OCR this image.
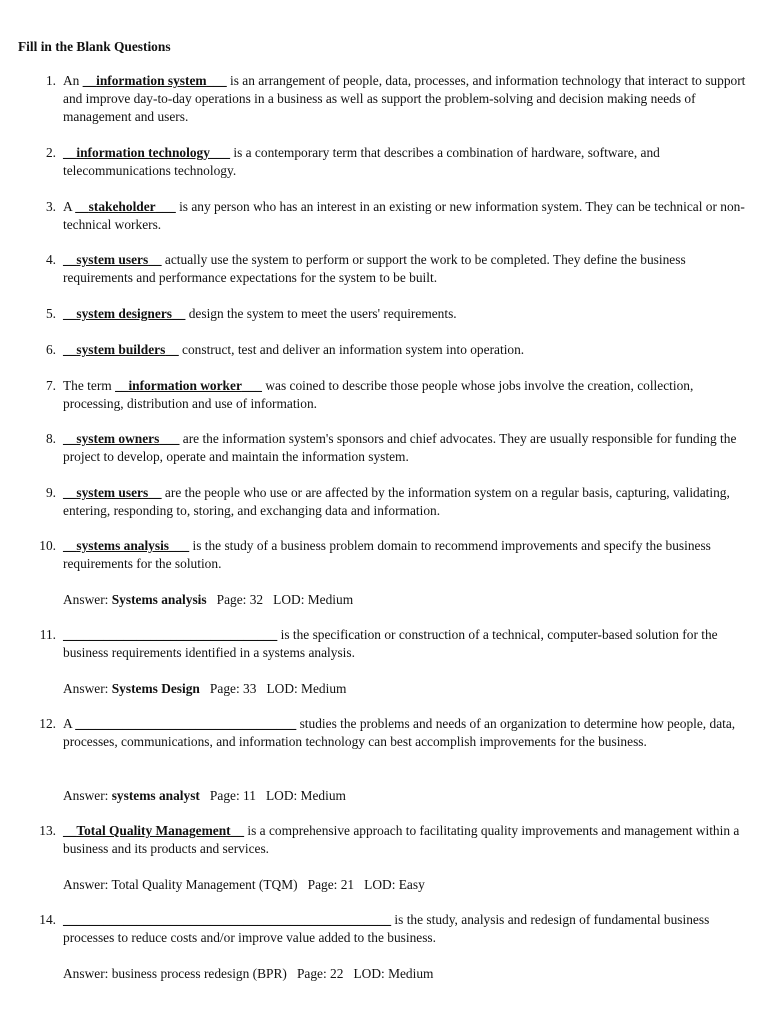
Fill in the Blank Questions
1. An __information system___ is an arrangement of people, data, processes, and information technology that interact to support and improve day-to-day operations in a business as well as support the problem-solving and decision making needs of management and users.

2. __information technology___ is a contemporary term that describes a combination of hardware, software, and telecommunications technology.

3. A __stakeholder___ is any person who has an interest in an existing or new information system. They can be technical or non-technical workers.

4. __system users__ actually use the system to perform or support the work to be completed. They define the business requirements and performance expectations for the system to be built.

5. __system designers__ design the system to meet the users' requirements.

6. __system builders__ construct, test and deliver an information system into operation.

7. The term __information worker___ was coined to describe those people whose jobs involve the creation, collection, processing, distribution and use of information.

8. __system owners___ are the information system's sponsors and chief advocates. They are usually responsible for funding the project to develop, operate and maintain the information system.

9. __system users__ are the people who use or are affected by the information system on a regular basis, capturing, validating, entering, responding to, storing, and exchanging data and information.

10. __systems analysis___ is the study of a business problem domain to recommend improvements and specify the business requirements for the solution.

Answer: Systems analysis   Page: 32   LOD: Medium
11. ________________________________ is the specification or construction of a technical, computer-based solution for the business requirements identified in a systems analysis.

Answer: Systems Design   Page: 33   LOD: Medium
12. A _________________________________ studies the problems and needs of an organization to determine how people, data, processes, communications, and information technology can best accomplish improvements for the business.

Answer: systems analyst   Page: 11   LOD: Medium
13. __Total Quality Management__ is a comprehensive approach to facilitating quality improvements and management within a business and its products and services.

Answer: Total Quality Management (TQM)   Page: 21   LOD: Easy
14. _________________________________________________ is the study, analysis and redesign of fundamental business processes to reduce costs and/or improve value added to the business.

Answer: business process redesign (BPR)   Page: 22   LOD: Medium
